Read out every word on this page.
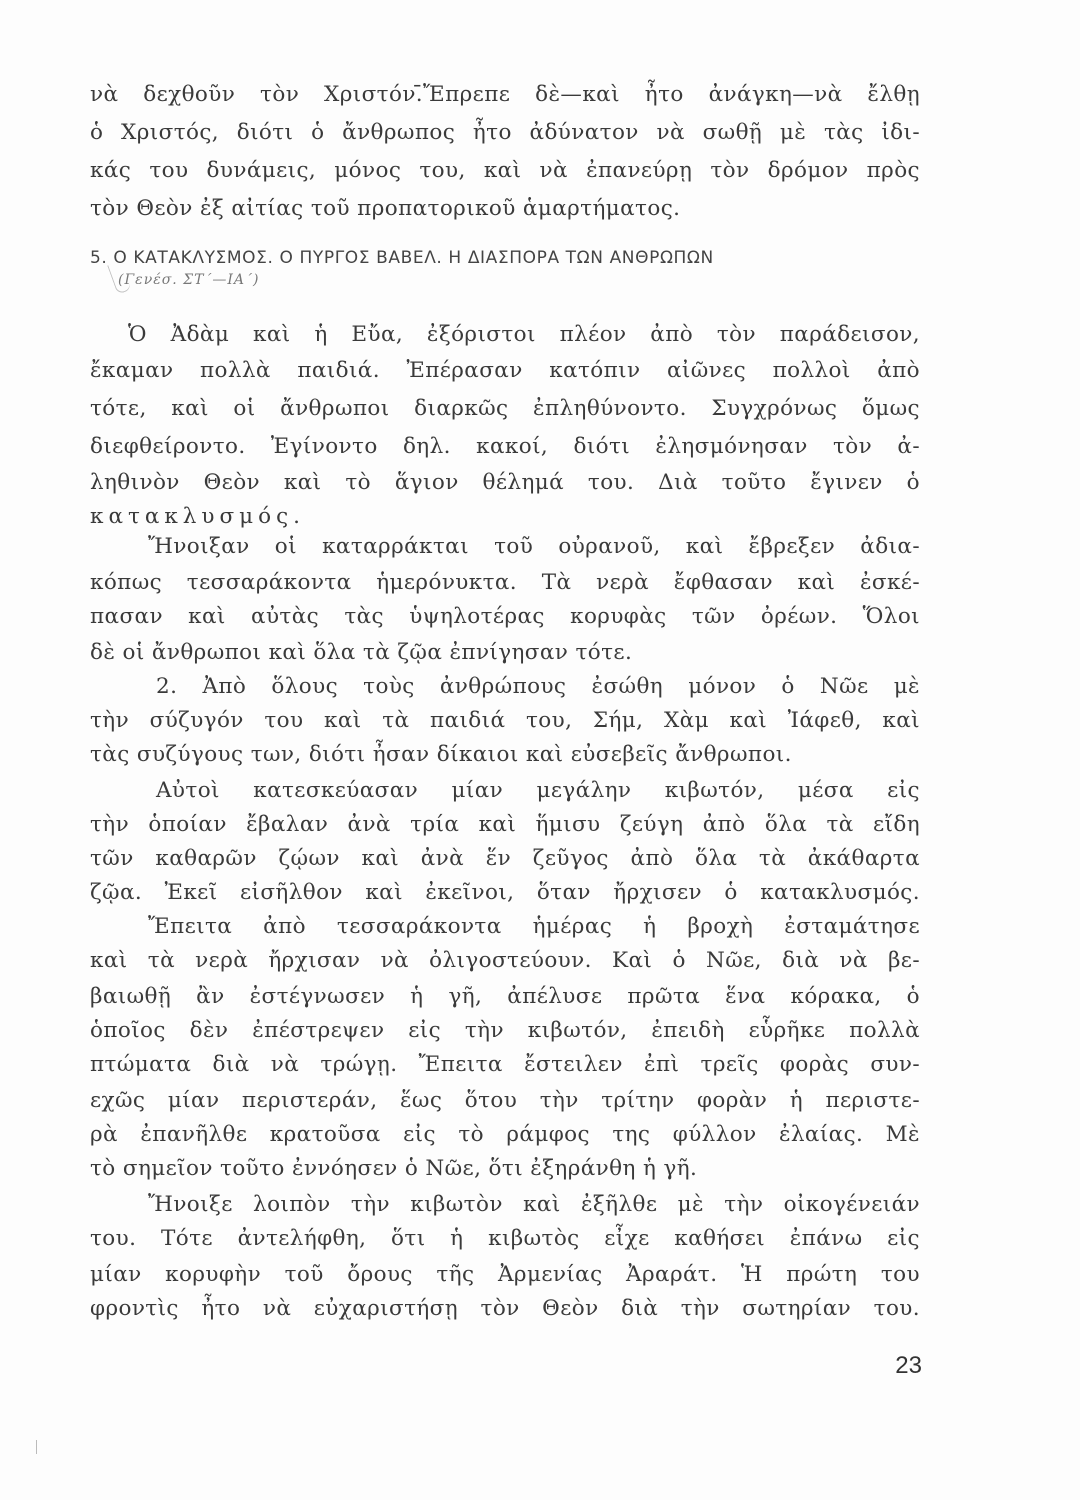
νὰ δεχθοῦν τὸν Χριστόν.̄Ἔπρεπε δὲ—καὶ ἦτο ἀνάγκη—νὰ ἔλθῃ
ὁ Χριστός, διότι ὁ ἄνθρωπος ἦτο ἀδύνατον νὰ σωθῇ μὲ τὰς ἰδι-
κάς του δυνάμεις, μόνος του, καὶ νὰ ἐπανεύρῃ τὸν δρόμον πρὸς
τὸν Θεὸν ἐξ αἰτίας τοῦ προπατορικοῦ ἁμαρτήματος.
5. Ο ΚΑΤΑΚΛΥΣΜΟΣ. Ο ΠΥΡΓΟΣ ΒΑΒΕΛ. Η ΔΙΑΣΠΟΡΑ ΤΩΝ ΑΝΘΡΩΠΩΝ
(Γενέσ. ΣΤ΄—ΙΑ΄)
Ὁ Ἀδὰμ καὶ ἡ Εὔα, ἐξόριστοι πλέον ἀπὸ τὸν παράδεισον,
ἔκαμαν πολλὰ παιδιά. Ἐπέρασαν κατόπιν αἰῶνες πολλοὶ ἀπὸ
τότε, καὶ οἱ ἄνθρωποι διαρκῶς ἐπληθύνοντο. Συγχρόνως ὅμως
διεφθείροντο. Ἐγίνοντο δηλ. κακοί, διότι ἐλησμόνησαν τὸν ἀ-
ληθινὸν Θεὸν καὶ τὸ ἅγιον θέλημά του. Διὰ τοῦτο ἔγινεν ὁ
κατακλυσμός.
Ἤνοιξαν οἱ καταρράκται τοῦ οὐρανοῦ, καὶ ἔβρεξεν ἀδια-
κόπως τεσσαράκοντα ἡμερόνυκτα. Τὰ νερὰ ἔφθασαν καὶ ἐσκέ-
πασαν καὶ αὐτὰς τὰς ὑψηλοτέρας κορυφὰς τῶν ὀρέων. Ὅλοι
δὲ οἱ ἄνθρωποι καὶ ὅλα τὰ ζῷα ἐπνίγησαν τότε.
2. Ἀπὸ ὅλους τοὺς ἀνθρώπους ἐσώθη μόνον ὁ Νῶε μὲ
τὴν σύζυγόν του καὶ τὰ παιδιά του, Σήμ, Χὰμ καὶ Ἰάφεθ, καὶ
τὰς συζύγους των, διότι ἦσαν δίκαιοι καὶ εὐσεβεῖς ἄνθρωποι.
Αὐτοὶ κατεσκεύασαν μίαν μεγάλην κιβωτόν, μέσα εἰς
τὴν ὁποίαν ἔβαλαν ἀνὰ τρία καὶ ἥμισυ ζεύγη ἀπὸ ὅλα τὰ εἴδη
τῶν καθαρῶν ζῴων καὶ ἀνὰ ἕν ζεῦγος ἀπὸ ὅλα τὰ ἀκάθαρτα
ζῷα. Ἐκεῖ εἰσῆλθον καὶ ἐκεῖνοι, ὅταν ἤρχισεν ὁ κατακλυσμός.
Ἔπειτα ἀπὸ τεσσαράκοντα ἡμέρας ἡ βροχὴ ἐσταμάτησε
καὶ τὰ νερὰ ἤρχισαν νὰ ὀλιγοστεύουν. Καὶ ὁ Νῶε, διὰ νὰ βε-
βαιωθῇ ἂν ἐστέγνωσεν ἡ γῆ, ἀπέλυσε πρῶτα ἕνα κόρακα, ὁ
ὁποῖος δὲν ἐπέστρεψεν εἰς τὴν κιβωτόν, ἐπειδὴ εὗρῆκε πολλὰ
πτώματα διὰ νὰ τρώγῃ. Ἔπειτα ἔστειλεν ἐπὶ τρεῖς φορὰς συν-
εχῶς μίαν περιστεράν, ἕως ὅτου τὴν τρίτην φορὰν ἡ περιστε-
ρὰ ἐπανῆλθε κρατοῦσα εἰς τὸ ράμφος της φύλλον ἐλαίας. Μὲ
τὸ σημεῖον τοῦτο ἐννόησεν ὁ Νῶε, ὅτι ἐξηράνθη ἡ γῆ.
Ἤνοιξε λοιπὸν τὴν κιβωτὸν καὶ ἐξῆλθε μὲ τὴν οἰκογένειάν
του. Τότε ἀντελήφθη, ὅτι ἡ κιβωτὸς εἶχε καθήσει ἐπάνω εἰς
μίαν κορυφὴν τοῦ ὄρους τῆς Ἀρμενίας Ἀραράτ. Ἡ πρώτη του
φροντὶς ἦτο νὰ εὐχαριστήσῃ τὸν Θεὸν διὰ τὴν σωτηρίαν του.
23
